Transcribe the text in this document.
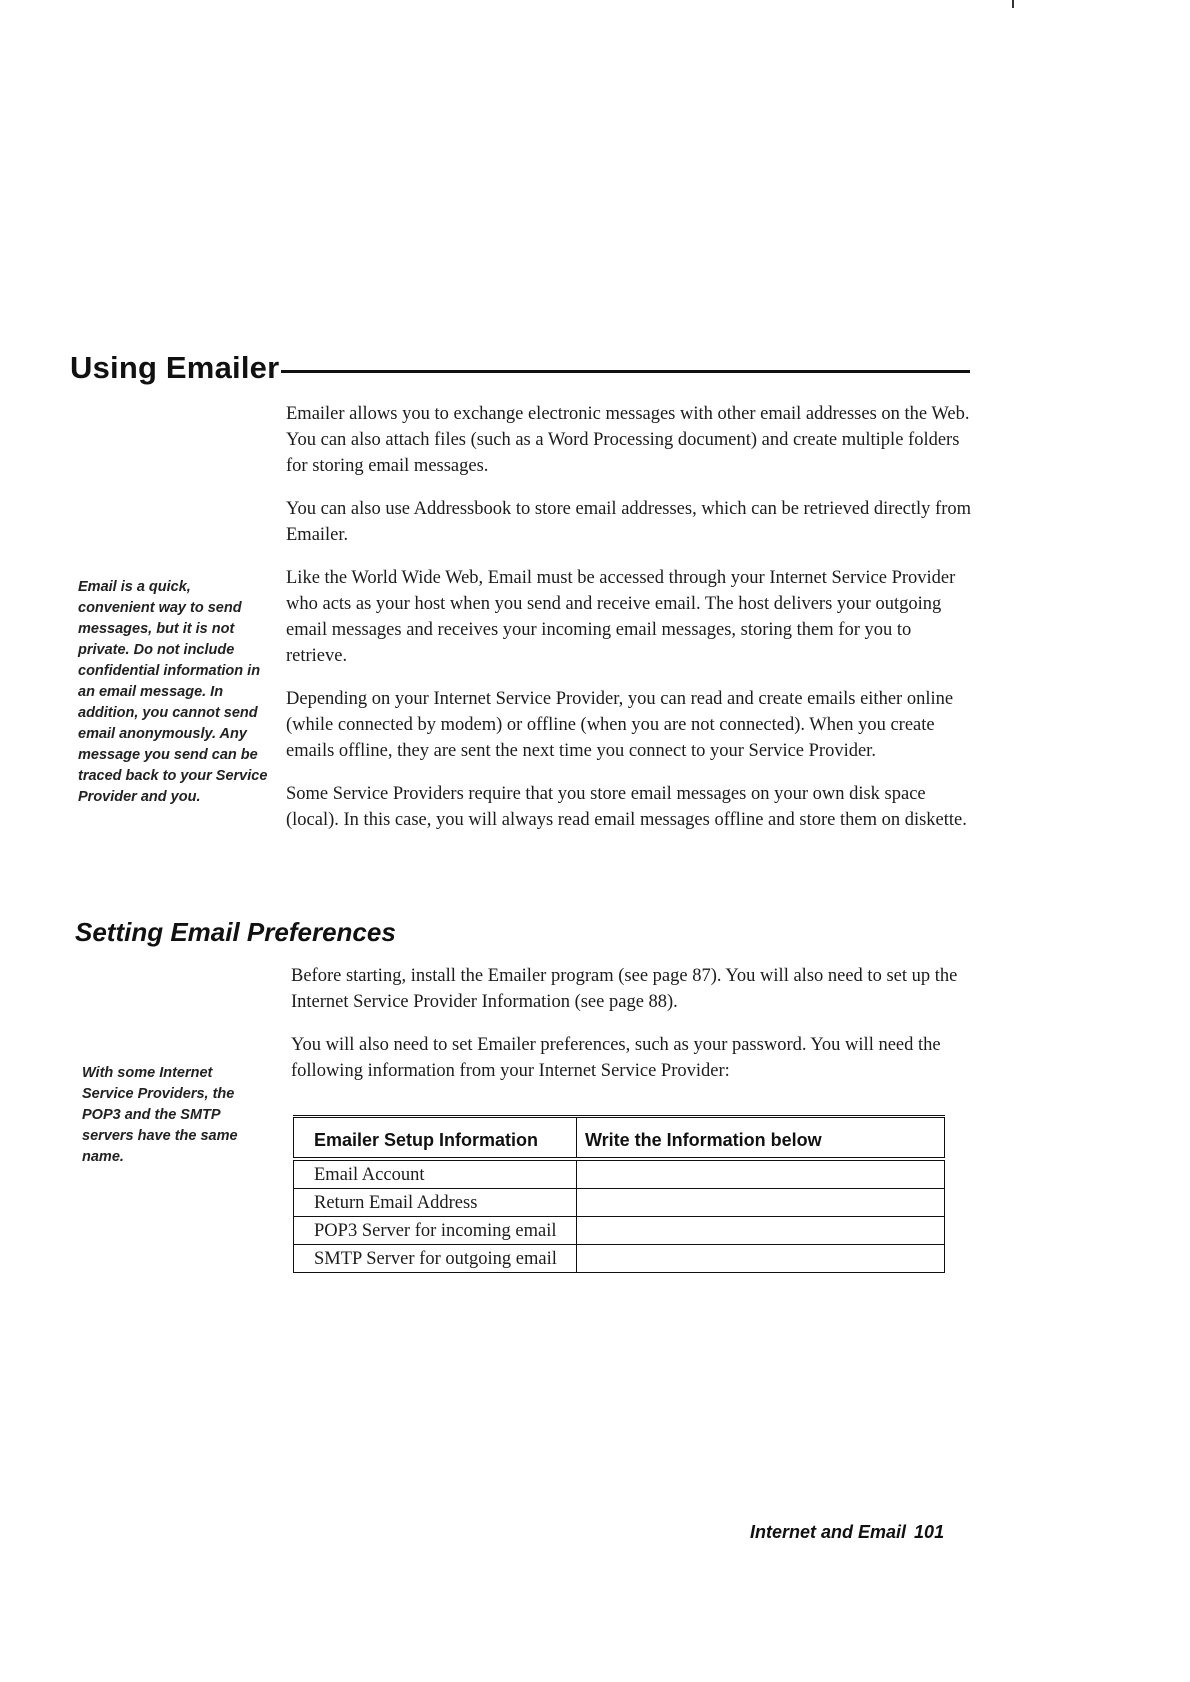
Using Emailer

Emailer allows you to exchange electronic messages with other email addresses on the Web. You can also attach files (such as a Word Processing document) and create multiple folders for storing email messages.

You can also use Addressbook to store email addresses, which can be retrieved directly from Emailer.

Like the World Wide Web, Email must be accessed through your Internet Service Provider who acts as your host when you send and receive email. The host delivers your outgoing email messages and receives your incoming email messages, storing them for you to retrieve.

Depending on your Internet Service Provider, you can read and create emails either online (while connected by modem) or offline (when you are not connected). When you create emails offline, they are sent the next time you connect to your Service Provider.

Some Service Providers require that you store email messages on your own disk space (local). In this case, you will always read email messages offline and store them on diskette.

Email is a quick, convenient way to send messages, but it is not private. Do not include confidential information in an email message. In addition, you cannot send email anonymously. Any message you send can be traced back to your Service Provider and you.
Setting Email Preferences

Before starting, install the Emailer program (see page 87). You will also need to set up the Internet Service Provider Information (see page 88).

You will also need to set Emailer preferences, such as your password. You will need the following information from your Internet Service Provider:

With some Internet Service Providers, the POP3 and the SMTP servers have the same name.
Emailer Setup Information	Write the Information below
Email Account	
Return Email Address	
POP3 Server for incoming email	
SMTP Server for outgoing email	
Internet and Email 101
